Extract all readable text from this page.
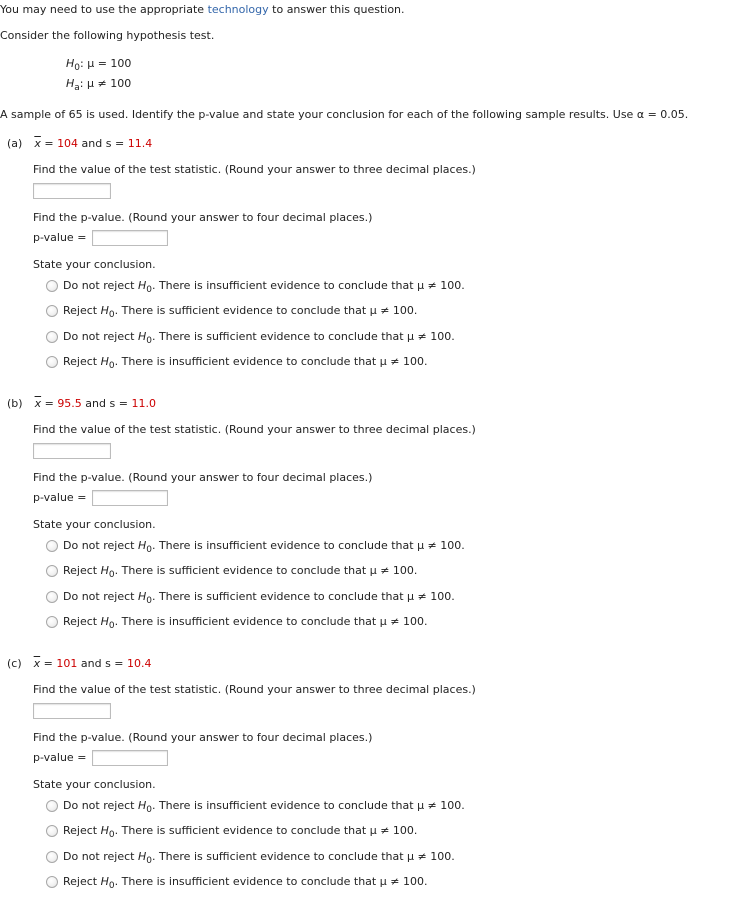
You may need to use the appropriate technology to answer this question.
Consider the following hypothesis test.
$H_0$: μ = 100
$H_a$: μ ≠ 100
A sample of 65 is used. Identify the p-value and state your conclusion for each of the following sample results. Use α = 0.05.
(a) $\overline{x} = 104$ and s = 11.4
Find the value of the test statistic. (Round your answer to three decimal places.)
Find the p-value. (Round your answer to four decimal places.)
p-value =
State your conclusion.
Do not reject $H_0$. There is insufficient evidence to conclude that μ ≠ 100.
Reject $H_0$. There is sufficient evidence to conclude that μ ≠ 100.
Do not reject $H_0$. There is sufficient evidence to conclude that μ ≠ 100.
Reject $H_0$. There is insufficient evidence to conclude that μ ≠ 100.
(b) $\overline{x} = 95.5$ and s = 11.0
Find the value of the test statistic. (Round your answer to three decimal places.)
Find the p-value. (Round your answer to four decimal places.)
p-value =
State your conclusion.
Do not reject $H_0$. There is insufficient evidence to conclude that μ ≠ 100.
Reject $H_0$. There is sufficient evidence to conclude that μ ≠ 100.
Do not reject $H_0$. There is sufficient evidence to conclude that μ ≠ 100.
Reject $H_0$. There is insufficient evidence to conclude that μ ≠ 100.
(c) $\overline{x} = 101$ and s = 10.4
Find the value of the test statistic. (Round your answer to three decimal places.)
Find the p-value. (Round your answer to four decimal places.)
p-value =
State your conclusion.
Do not reject $H_0$. There is insufficient evidence to conclude that μ ≠ 100.
Reject $H_0$. There is sufficient evidence to conclude that μ ≠ 100.
Do not reject $H_0$. There is sufficient evidence to conclude that μ ≠ 100.
Reject $H_0$. There is insufficient evidence to conclude that μ ≠ 100.
